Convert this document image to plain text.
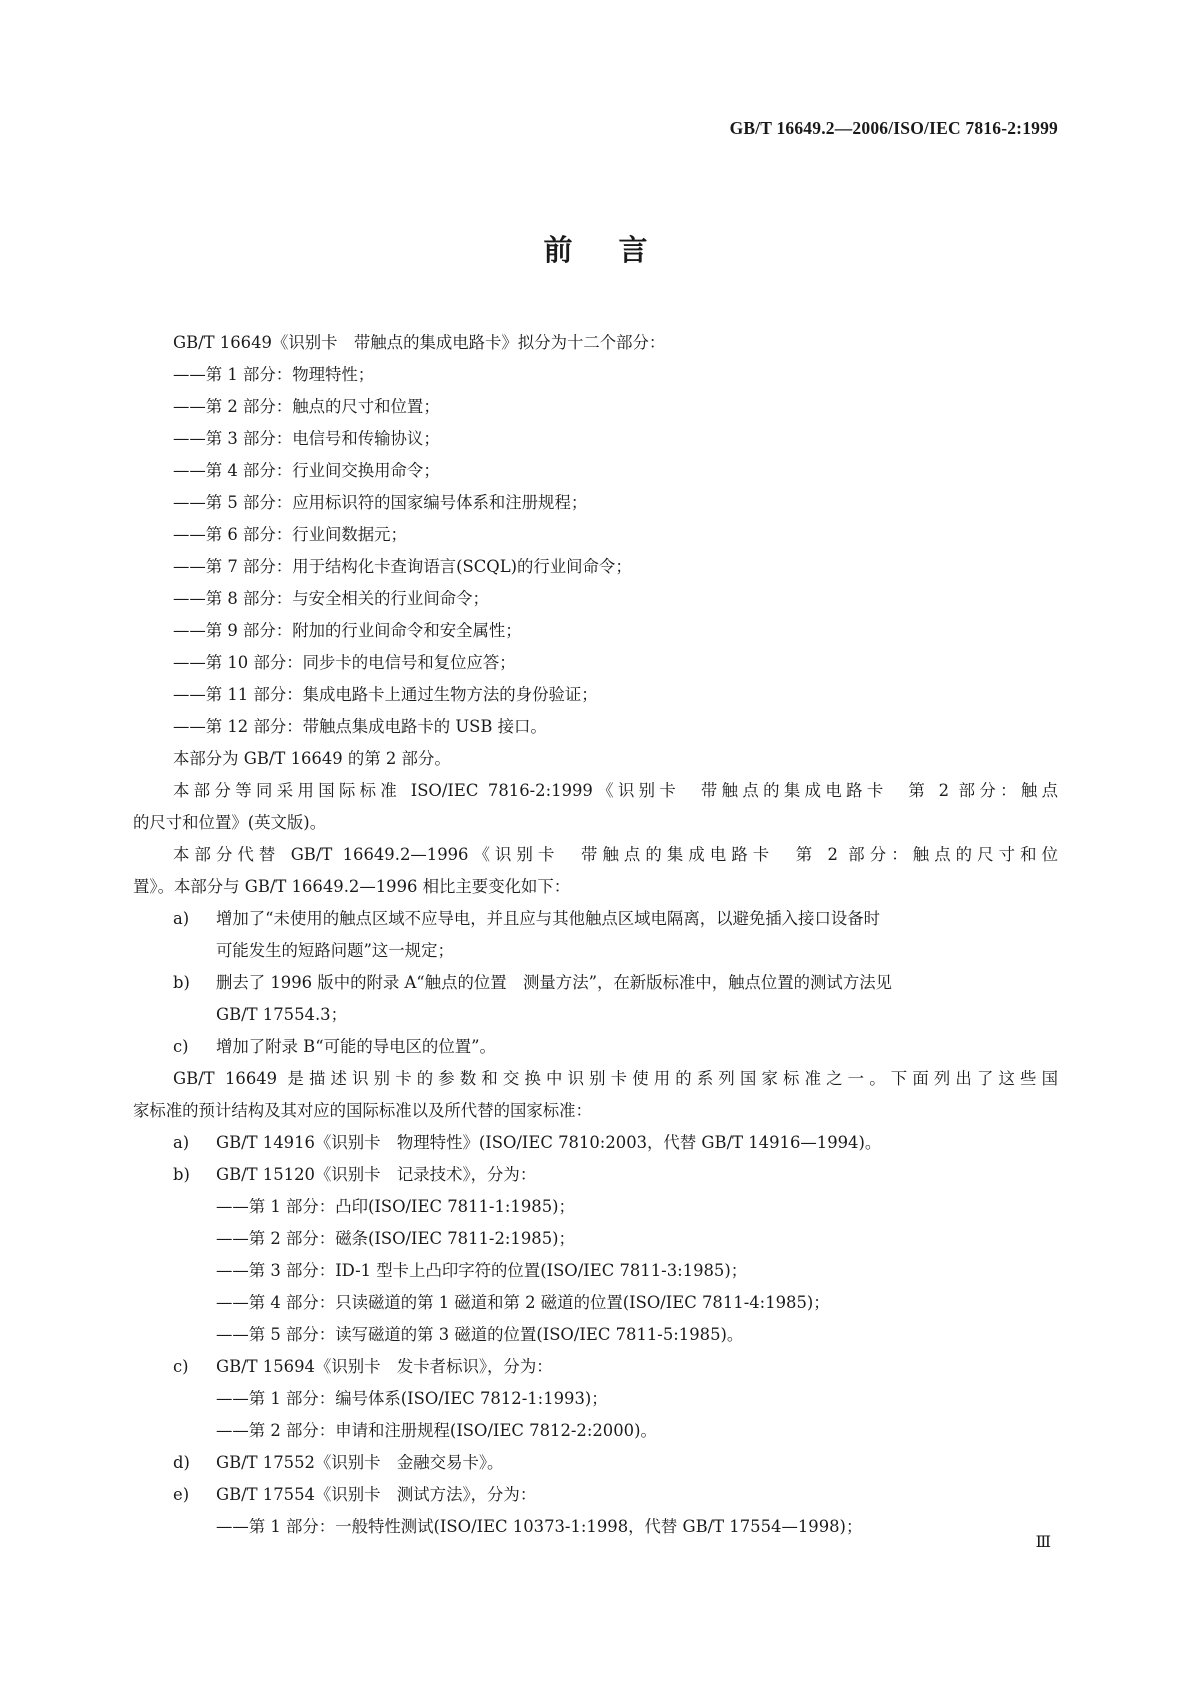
GB/T 16649.2—2006/ISO/IEC 7816-2:1999
前言
GB/T 16649《识别卡　带触点的集成电路卡》拟分为十二个部分：
——第 1 部分：物理特性；
——第 2 部分：触点的尺寸和位置；
——第 3 部分：电信号和传输协议；
——第 4 部分：行业间交换用命令；
——第 5 部分：应用标识符的国家编号体系和注册规程；
——第 6 部分：行业间数据元；
——第 7 部分：用于结构化卡查询语言(SCQL)的行业间命令；
——第 8 部分：与安全相关的行业间命令；
——第 9 部分：附加的行业间命令和安全属性；
——第 10 部分：同步卡的电信号和复位应答；
——第 11 部分：集成电路卡上通过生物方法的身份验证；
——第 12 部分：带触点集成电路卡的 USB 接口。
本部分为 GB/T 16649 的第 2 部分。
本部分等同采用国际标准 ISO/IEC 7816-2:1999《识别卡　带触点的集成电路卡　第 2 部分：触点
的尺寸和位置》(英文版)。
本部分代替 GB/T 16649.2—1996《识别卡　带触点的集成电路卡　第 2 部分：触点的尺寸和位
置》。本部分与 GB/T 16649.2—1996 相比主要变化如下：
a) 增加了“未使用的触点区域不应导电，并且应与其他触点区域电隔离，以避免插入接口设备时
可能发生的短路问题”这一规定；
b) 删去了 1996 版中的附录 A“触点的位置　测量方法”，在新版标准中，触点位置的测试方法见
GB/T 17554.3；
c) 增加了附录 B“可能的导电区的位置”。
GB/T 16649 是描述识别卡的参数和交换中识别卡使用的系列国家标准之一。下面列出了这些国
家标准的预计结构及其对应的国际标准以及所代替的国家标准：
a) GB/T 14916《识别卡　物理特性》(ISO/IEC 7810:2003，代替 GB/T 14916—1994)。
b) GB/T 15120《识别卡　记录技术》，分为：
——第 1 部分：凸印(ISO/IEC 7811-1:1985)；
——第 2 部分：磁条(ISO/IEC 7811-2:1985)；
——第 3 部分：ID-1 型卡上凸印字符的位置(ISO/IEC 7811-3:1985)；
——第 4 部分：只读磁道的第 1 磁道和第 2 磁道的位置(ISO/IEC 7811-4:1985)；
——第 5 部分：读写磁道的第 3 磁道的位置(ISO/IEC 7811-5:1985)。
c) GB/T 15694《识别卡　发卡者标识》，分为：
——第 1 部分：编号体系(ISO/IEC 7812-1:1993)；
——第 2 部分：申请和注册规程(ISO/IEC 7812-2:2000)。
d) GB/T 17552《识别卡　金融交易卡》。
e) GB/T 17554《识别卡　测试方法》，分为：
——第 1 部分：一般特性测试(ISO/IEC 10373-1:1998，代替 GB/T 17554—1998)；
Ⅲ
